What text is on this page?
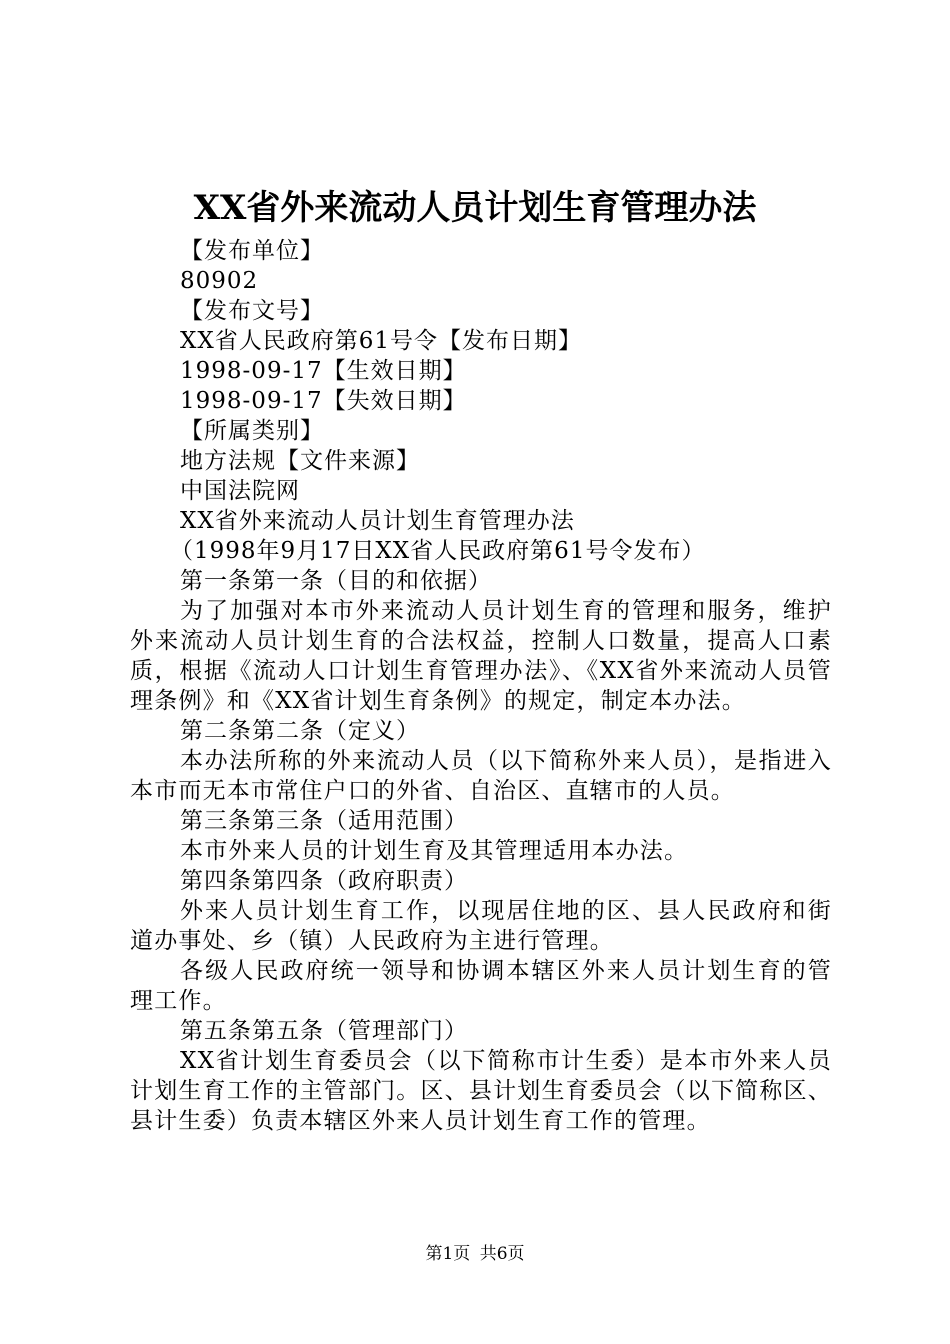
XX省外来流动人员计划生育管理办法

【发布单位】

80902

【发布文号】

XX省人民政府第61号令【发布日期】

1998-09-17【生效日期】

1998-09-17【失效日期】

【所属类别】

地方法规【文件来源】

中国法院网

XX省外来流动人员计划生育管理办法

（1998年9月17日XX省人民政府第61号令发布）

第一条第一条（目的和依据）

为了加强对本市外来流动人员计划生育的管理和服务，维护外来流动人员计划生育的合法权益，控制人口数量，提高人口素质，根据《流动人口计划生育管理办法》、《XX省外来流动人员管理条例》和《XX省计划生育条例》的规定，制定本办法。

第二条第二条（定义）

本办法所称的外来流动人员（以下简称外来人员），是指进入本市而无本市常住户口的外省、自治区、直辖市的人员。

第三条第三条（适用范围）

本市外来人员的计划生育及其管理适用本办法。

第四条第四条（政府职责）

外来人员计划生育工作，以现居住地的区、县人民政府和街道办事处、乡（镇）人民政府为主进行管理。

各级人民政府统一领导和协调本辖区外来人员计划生育的管理工作。

第五条第五条（管理部门）

XX省计划生育委员会（以下简称市计生委）是本市外来人员计划生育工作的主管部门。区、县计划生育委员会（以下简称区、县计生委）负责本辖区外来人员计划生育工作的管理。

第1页 共6页
